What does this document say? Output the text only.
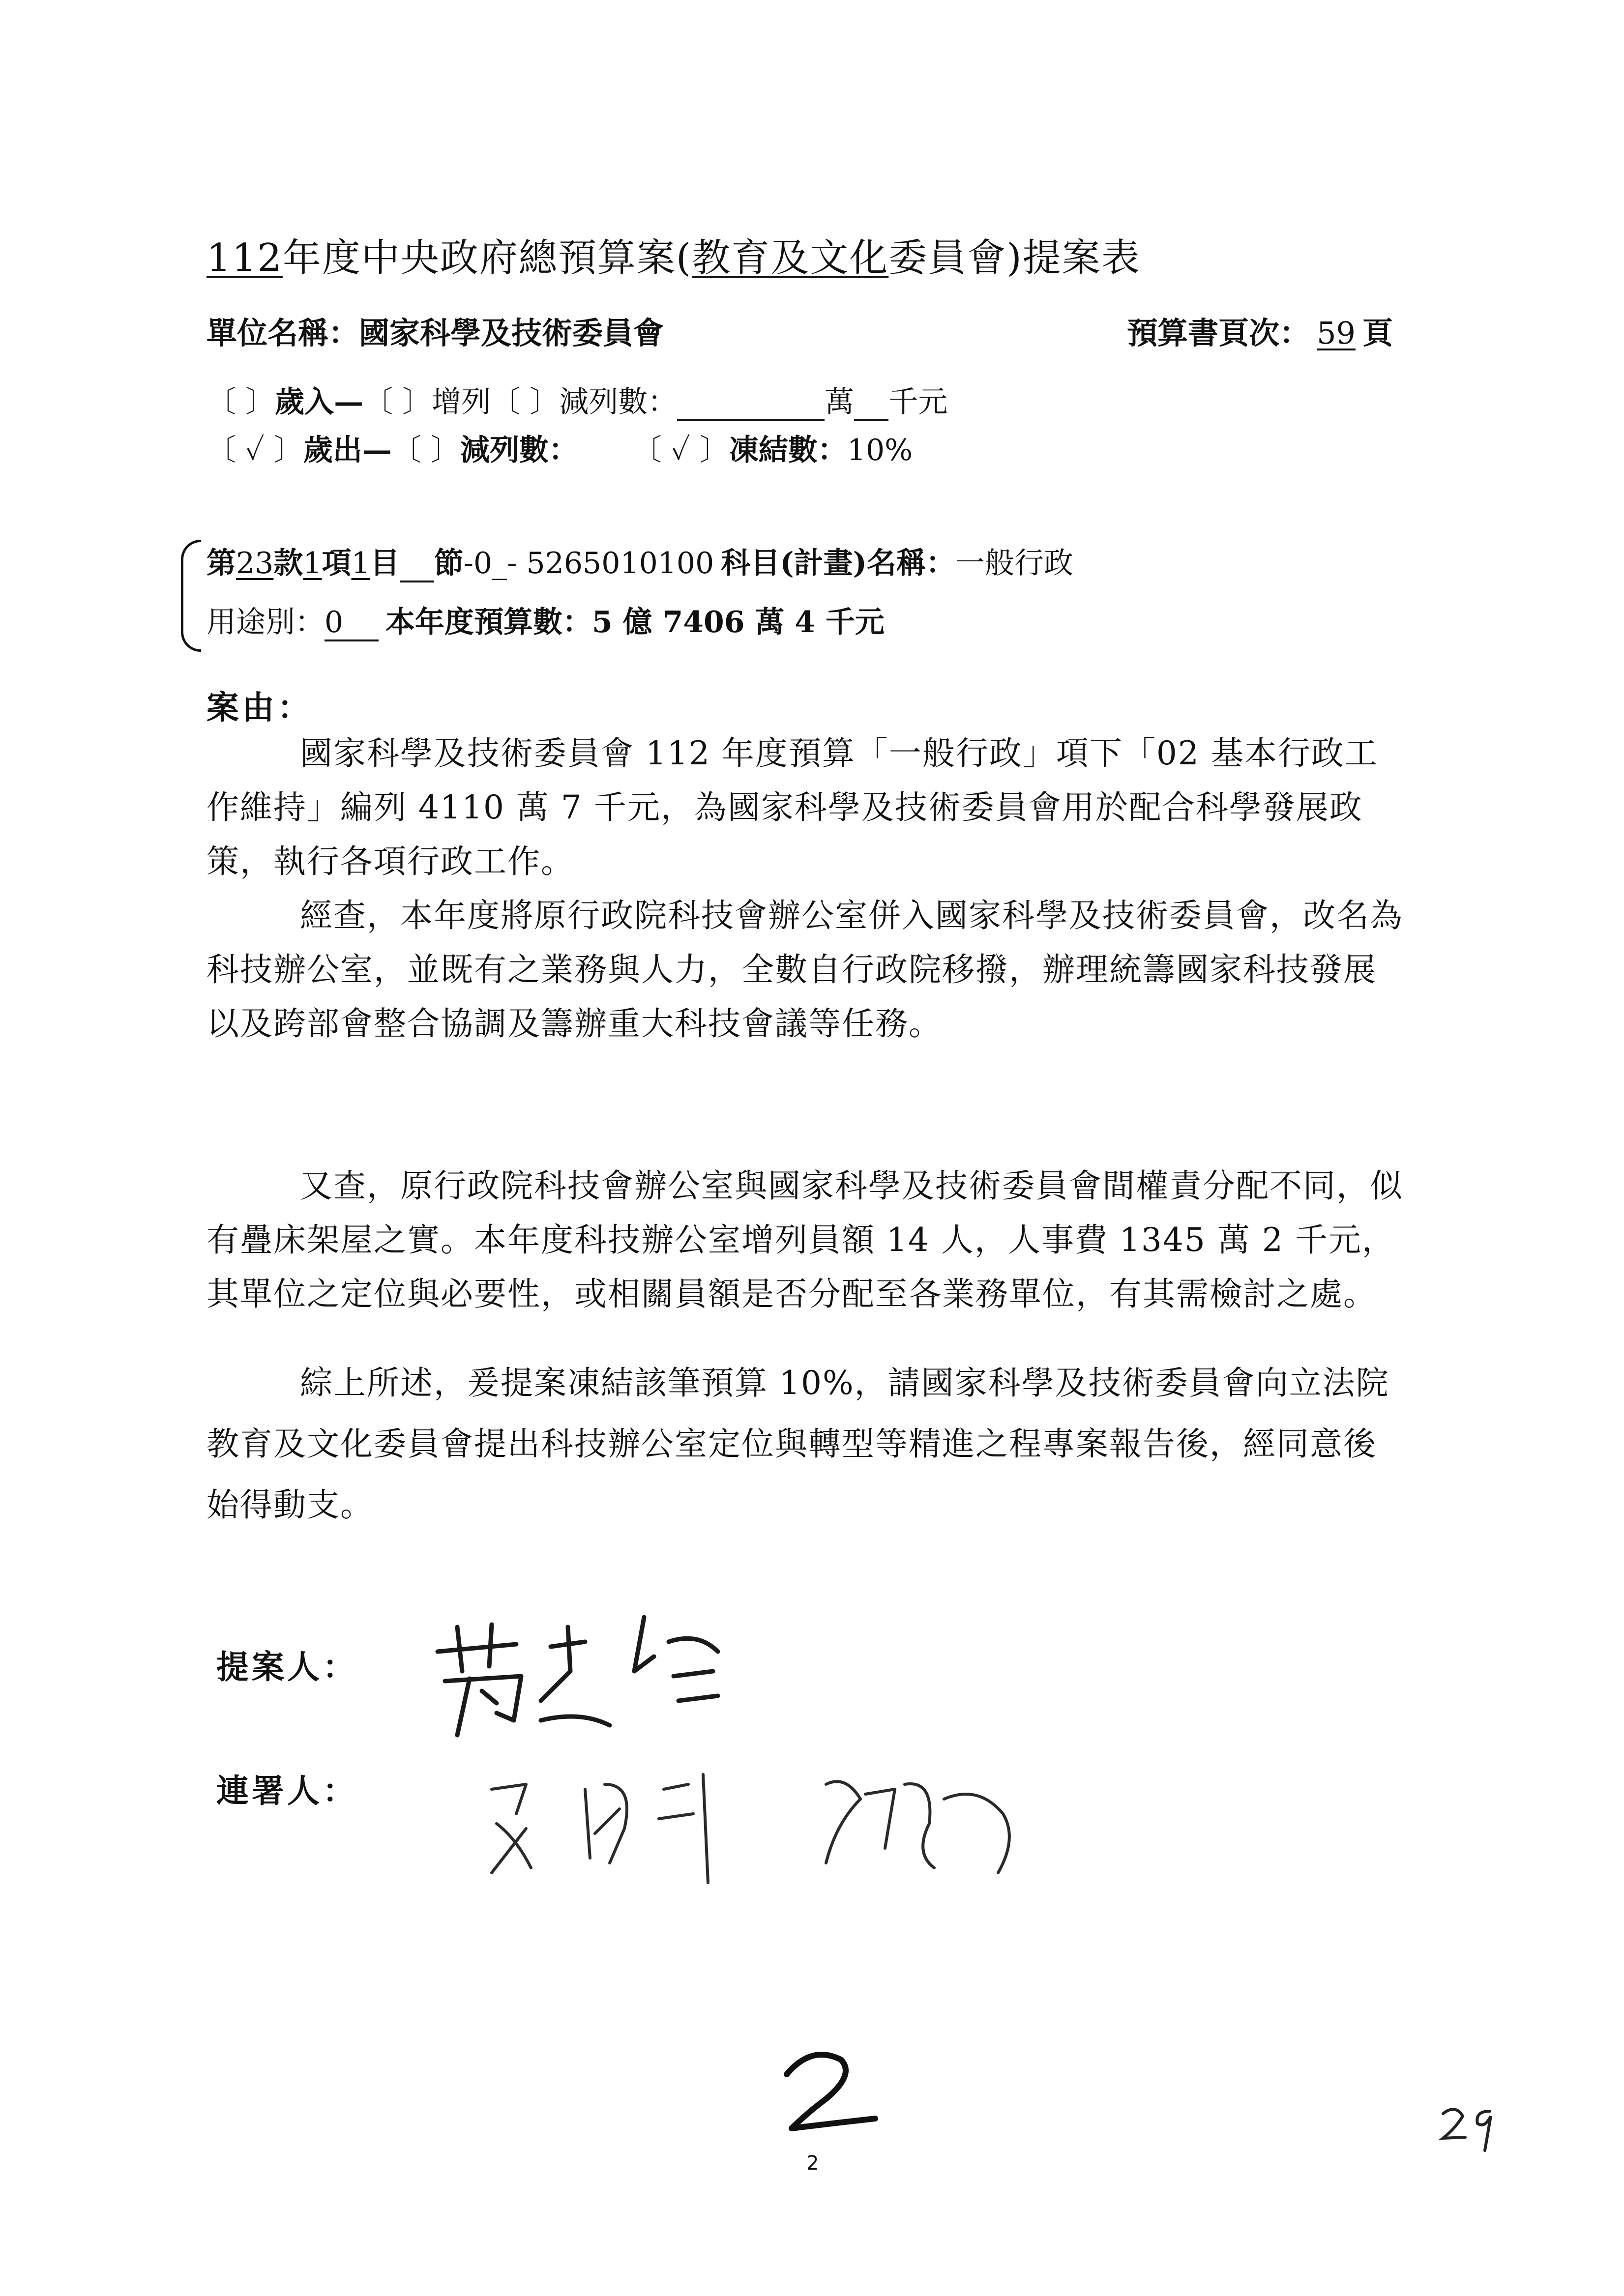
112年度中央政府總預算案(教育及文化委員會)提案表
單位名稱：國家科學及技術委員會	預算書頁次： 59 頁
〔 〕歲入—〔 〕增列〔 〕減列數：	萬 千元
〔 ✓ 〕歲出—〔 〕減列數： 〔 ✓ 〕凍結數：10%
第23款1項1目 節-0_- 5265010100 科目(計畫)名稱：一般行政
用途別：0 本年度預算數：5 億 7406 萬 4 千元
案由：
國家科學及技術委員會 112 年度預算「一般行政」項下「02 基本行政工作維持」編列 4110 萬 7 千元，為國家科學及技術委員會用於配合科學發展政策，執行各項行政工作。
經查，本年度將原行政院科技會辦公室併入國家科學及技術委員會，改名為科技辦公室，並既有之業務與人力，全數自行政院移撥，辦理統籌國家科技發展以及跨部會整合協調及籌辦重大科技會議等任務。
又查，原行政院科技會辦公室與國家科學及技術委員會間權責分配不同，似有疊床架屋之實。本年度科技辦公室增列員額 14 人，人事費 1345 萬 2 千元，其單位之定位與必要性，或相關員額是否分配至各業務單位，有其需檢討之處。
綜上所述，爰提案凍結該筆預算 10%，請國家科學及技術委員會向立法院教育及文化委員會提出科技辦公室定位與轉型等精進之程專案報告後，經同意後始得動支。
提案人：
連署人：
2
